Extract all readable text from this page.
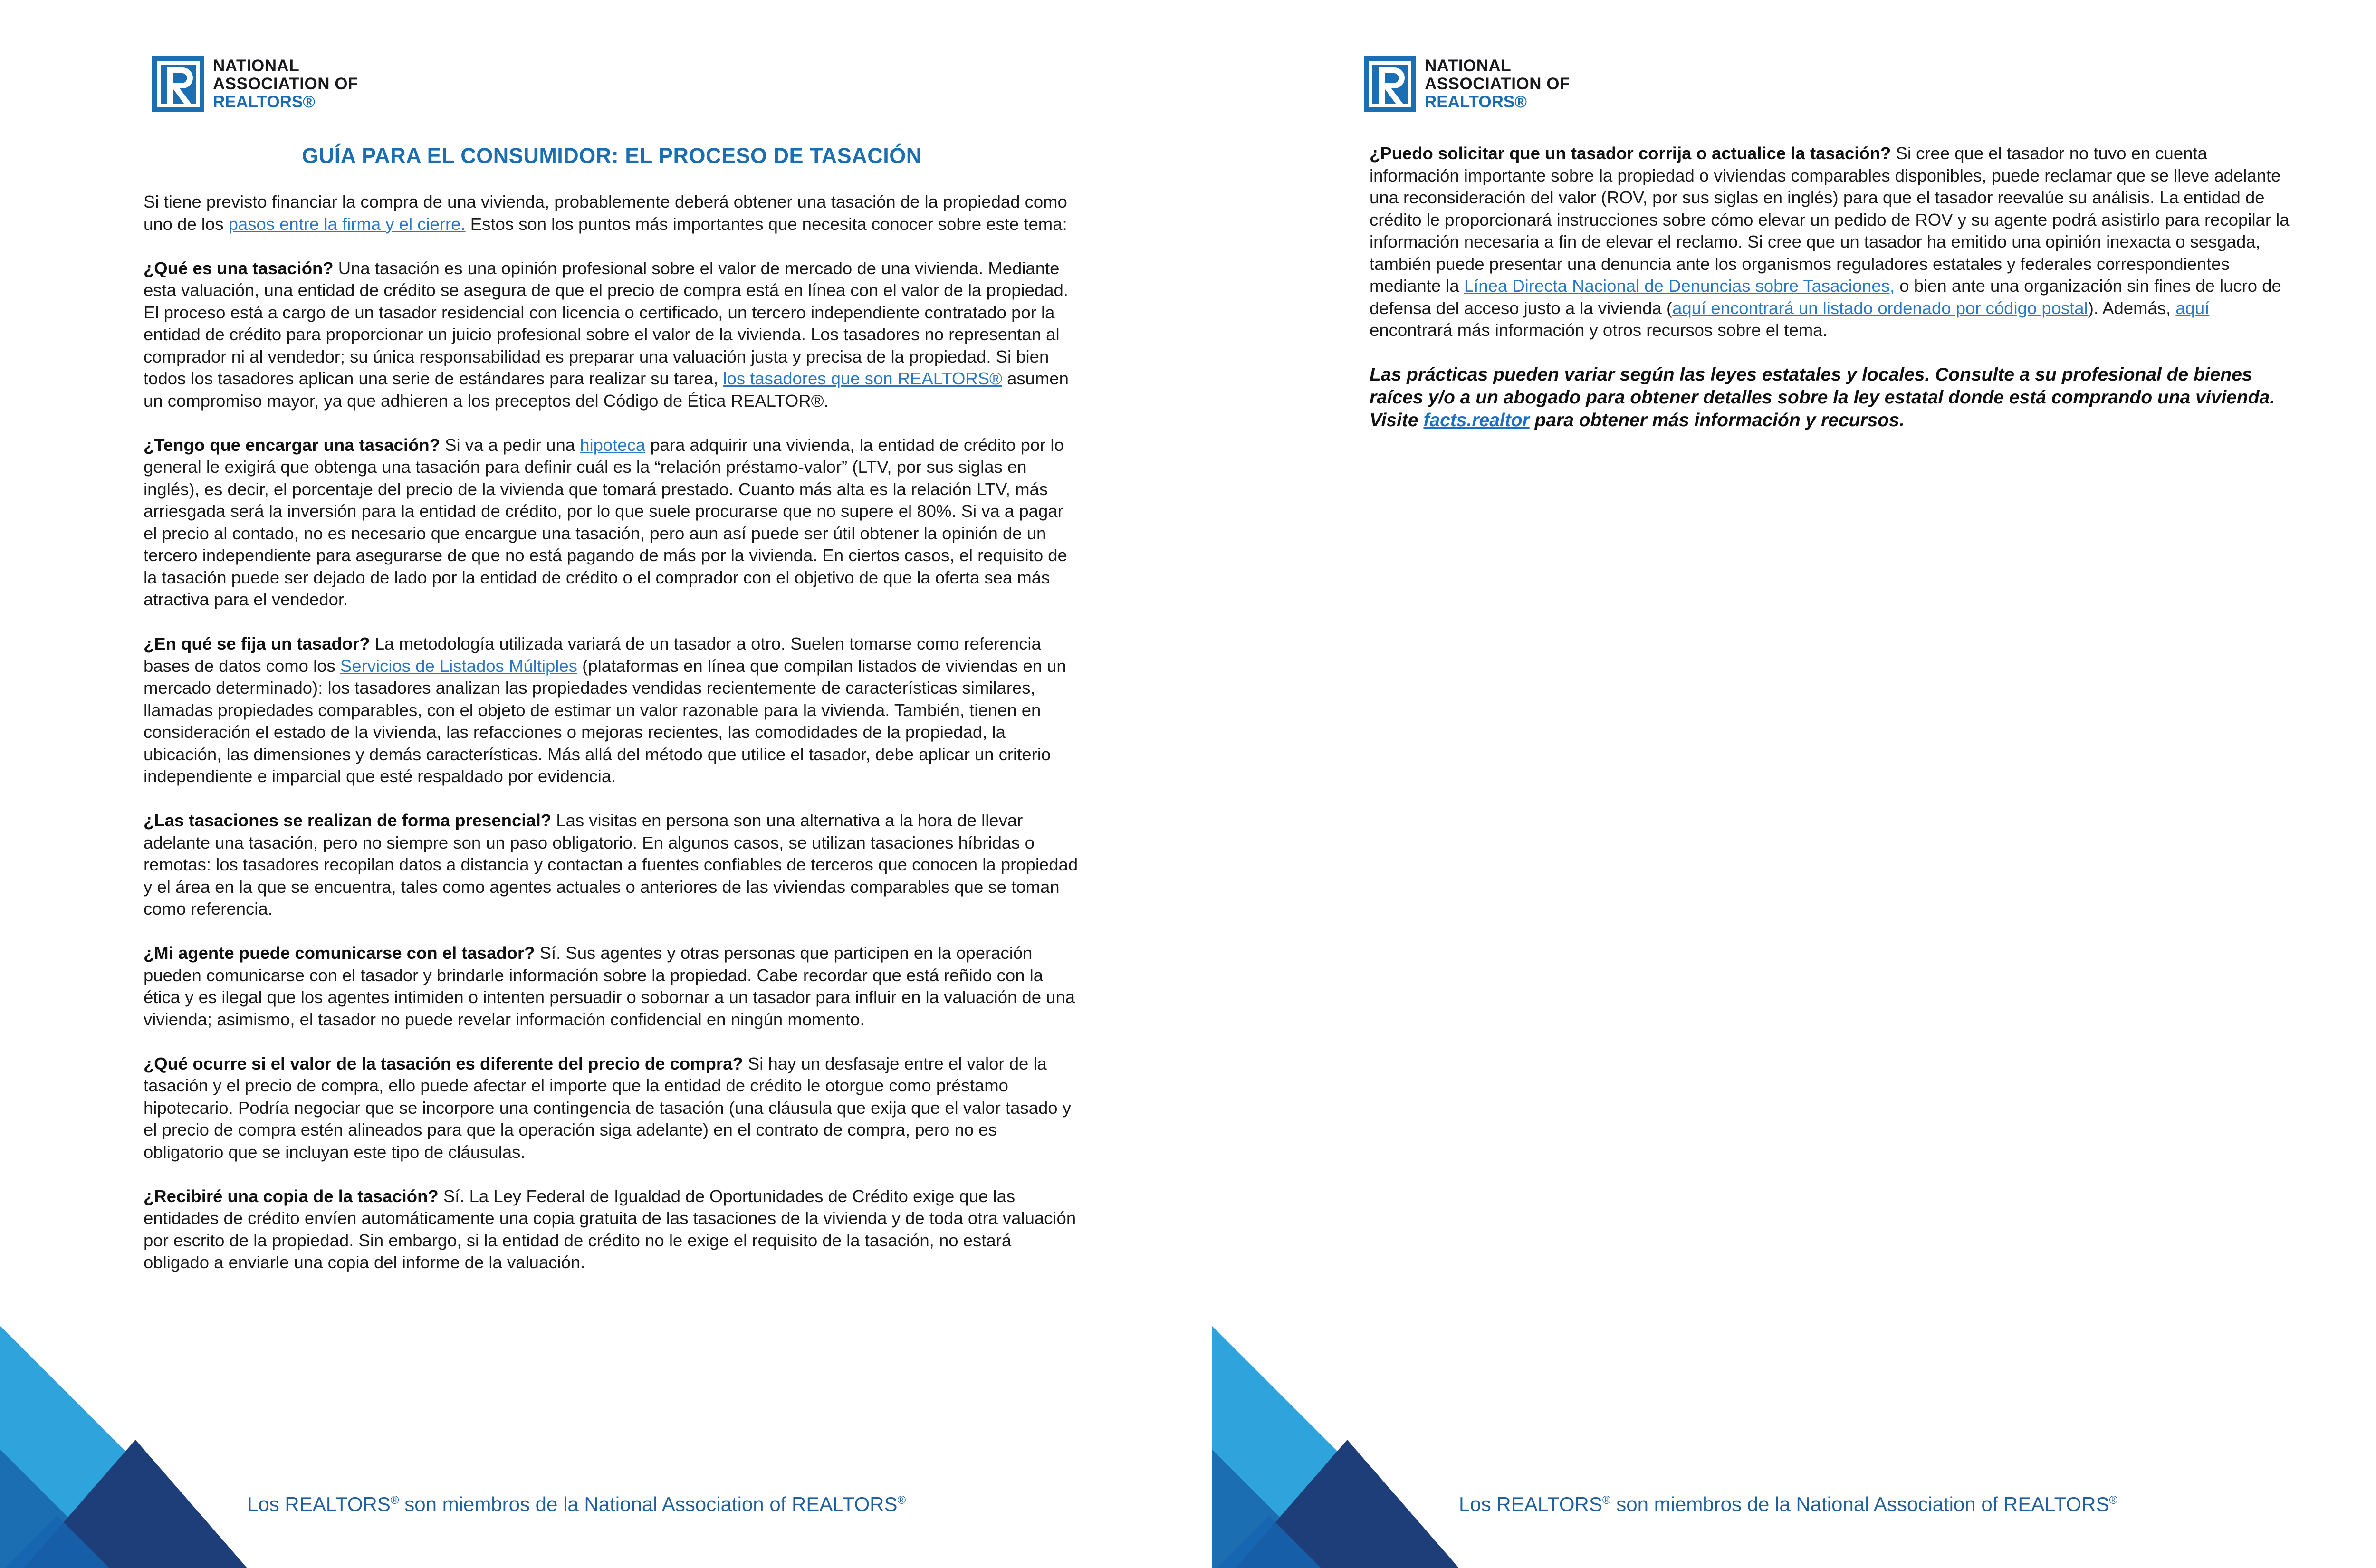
NATIONAL
ASSOCIATION OF
REALTORS®
GUÍA PARA EL CONSUMIDOR: EL PROCESO DE TASACIÓN

Si tiene previsto financiar la compra de una vivienda, probablemente deberá obtener una tasación de la propiedad como uno de los pasos entre la firma y el cierre. Estos son los puntos más importantes que necesita conocer sobre este tema:

¿Qué es una tasación? Una tasación es una opinión profesional sobre el valor de mercado de una vivienda. Mediante esta valuación, una entidad de crédito se asegura de que el precio de compra está en línea con el valor de la propiedad. El proceso está a cargo de un tasador residencial con licencia o certificado, un tercero independiente contratado por la entidad de crédito para proporcionar un juicio profesional sobre el valor de la vivienda. Los tasadores no representan al comprador ni al vendedor; su única responsabilidad es preparar una valuación justa y precisa de la propiedad. Si bien todos los tasadores aplican una serie de estándares para realizar su tarea, los tasadores que son REALTORS® asumen un compromiso mayor, ya que adhieren a los preceptos del Código de Ética REALTOR®.

¿Tengo que encargar una tasación? Si va a pedir una hipoteca para adquirir una vivienda, la entidad de crédito por lo general le exigirá que obtenga una tasación para definir cuál es la “relación préstamo-valor” (LTV, por sus siglas en inglés), es decir, el porcentaje del precio de la vivienda que tomará prestado. Cuanto más alta es la relación LTV, más arriesgada será la inversión para la entidad de crédito, por lo que suele procurarse que no supere el 80%. Si va a pagar el precio al contado, no es necesario que encargue una tasación, pero aun así puede ser útil obtener la opinión de un tercero independiente para asegurarse de que no está pagando de más por la vivienda. En ciertos casos, el requisito de la tasación puede ser dejado de lado por la entidad de crédito o el comprador con el objetivo de que la oferta sea más atractiva para el vendedor.

¿En qué se fija un tasador? La metodología utilizada variará de un tasador a otro. Suelen tomarse como referencia bases de datos como los Servicios de Listados Múltiples (plataformas en línea que compilan listados de viviendas en un mercado determinado): los tasadores analizan las propiedades vendidas recientemente de características similares, llamadas propiedades comparables, con el objeto de estimar un valor razonable para la vivienda. También, tienen en consideración el estado de la vivienda, las refacciones o mejoras recientes, las comodidades de la propiedad, la ubicación, las dimensiones y demás características. Más allá del método que utilice el tasador, debe aplicar un criterio independiente e imparcial que esté respaldado por evidencia.

¿Las tasaciones se realizan de forma presencial? Las visitas en persona son una alternativa a la hora de llevar adelante una tasación, pero no siempre son un paso obligatorio. En algunos casos, se utilizan tasaciones híbridas o remotas: los tasadores recopilan datos a distancia y contactan a fuentes confiables de terceros que conocen la propiedad y el área en la que se encuentra, tales como agentes actuales o anteriores de las viviendas comparables que se toman como referencia.

¿Mi agente puede comunicarse con el tasador? Sí. Sus agentes y otras personas que participen en la operación pueden comunicarse con el tasador y brindarle información sobre la propiedad. Cabe recordar que está reñido con la ética y es ilegal que los agentes intimiden o intenten persuadir o sobornar a un tasador para influir en la valuación de una vivienda; asimismo, el tasador no puede revelar información confidencial en ningún momento.

¿Qué ocurre si el valor de la tasación es diferente del precio de compra? Si hay un desfasaje entre el valor de la tasación y el precio de compra, ello puede afectar el importe que la entidad de crédito le otorgue como préstamo hipotecario. Podría negociar que se incorpore una contingencia de tasación (una cláusula que exija que el valor tasado y el precio de compra estén alineados para que la operación siga adelante) en el contrato de compra, pero no es obligatorio que se incluyan este tipo de cláusulas.

¿Recibiré una copia de la tasación? Sí. La Ley Federal de Igualdad de Oportunidades de Crédito exige que las entidades de crédito envíen automáticamente una copia gratuita de las tasaciones de la vivienda y de toda otra valuación por escrito de la propiedad. Sin embargo, si la entidad de crédito no le exige el requisito de la tasación, no estará obligado a enviarle una copia del informe de la valuación.

Los REALTORS® son miembros de la National Association of REALTORS®
NATIONAL
ASSOCIATION OF
REALTORS®

¿Puedo solicitar que un tasador corrija o actualice la tasación? Si cree que el tasador no tuvo en cuenta información importante sobre la propiedad o viviendas comparables disponibles, puede reclamar que se lleve adelante una reconsideración del valor (ROV, por sus siglas en inglés) para que el tasador reevalúe su análisis. La entidad de crédito le proporcionará instrucciones sobre cómo elevar un pedido de ROV y su agente podrá asistirlo para recopilar la información necesaria a fin de elevar el reclamo. Si cree que un tasador ha emitido una opinión inexacta o sesgada, también puede presentar una denuncia ante los organismos reguladores estatales y federales correspondientes mediante la Línea Directa Nacional de Denuncias sobre Tasaciones, o bien ante una organización sin fines de lucro de defensa del acceso justo a la vivienda (aquí encontrará un listado ordenado por código postal). Además, aquí encontrará más información y otros recursos sobre el tema.

Las prácticas pueden variar según las leyes estatales y locales. Consulte a su profesional de bienes raíces y/o a un abogado para obtener detalles sobre la ley estatal donde está comprando una vivienda. Visite facts.realtor para obtener más información y recursos.

Los REALTORS® son miembros de la National Association of REALTORS®
